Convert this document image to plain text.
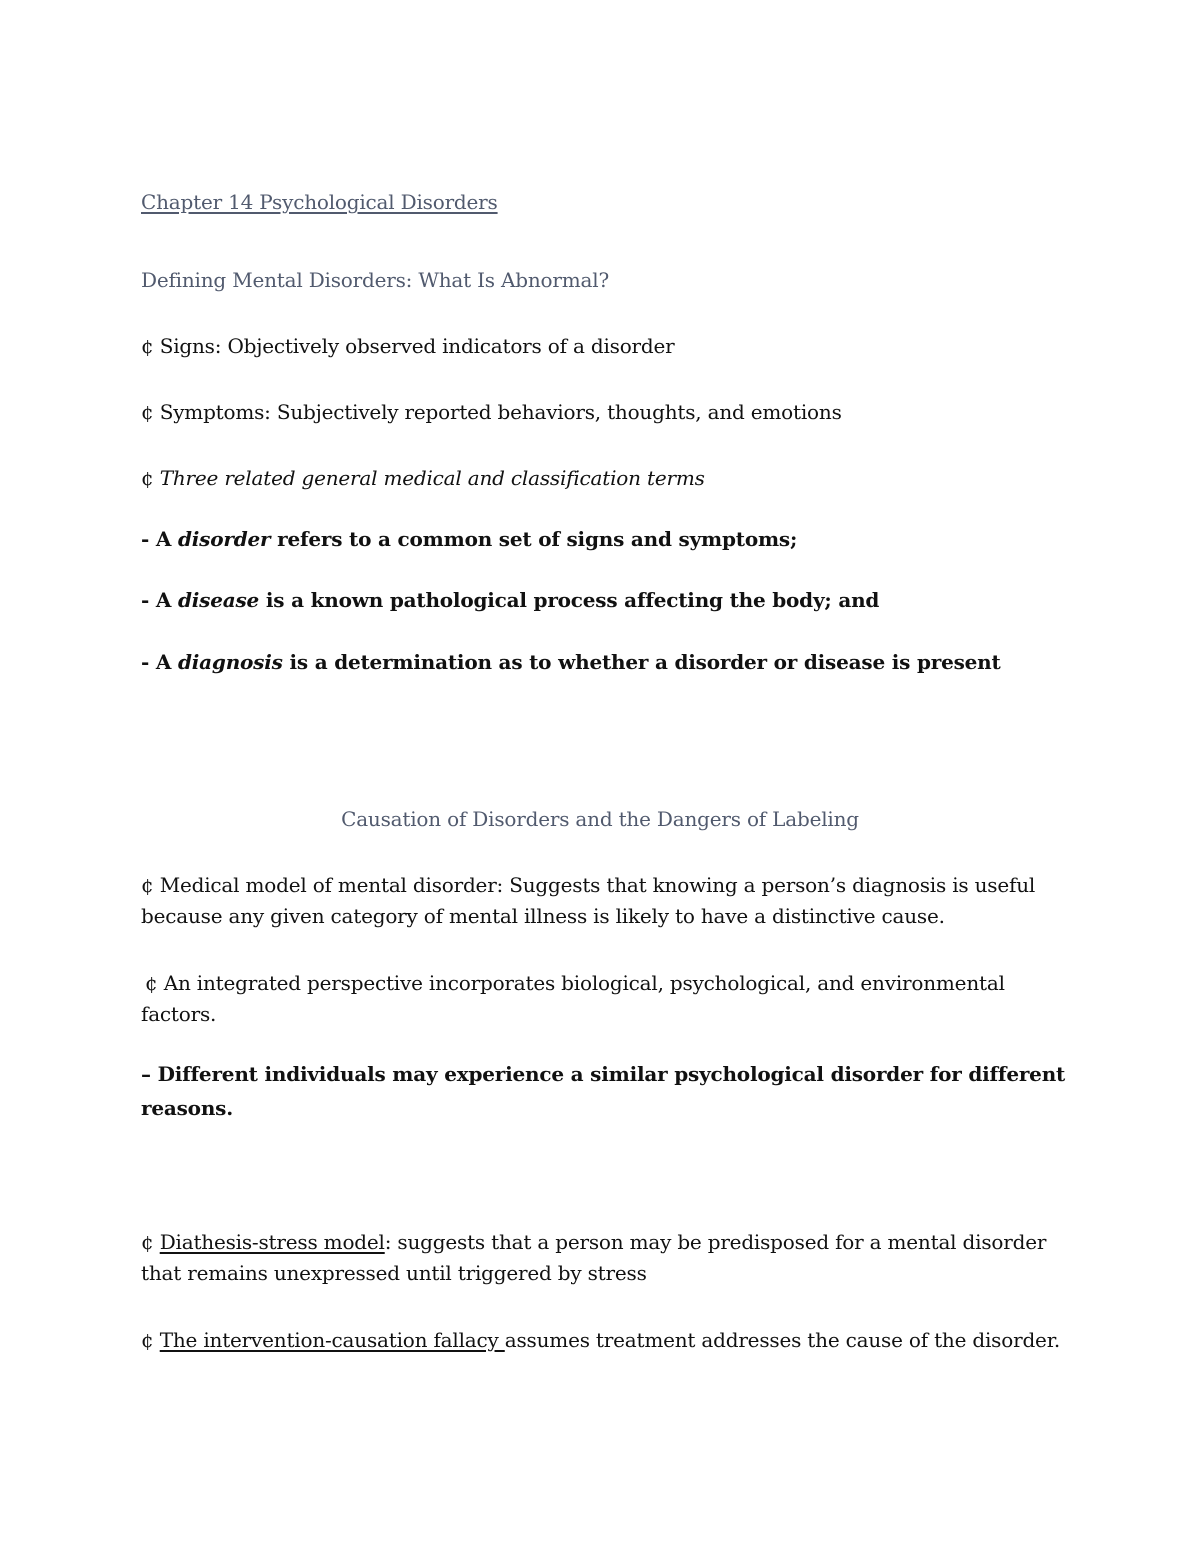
Chapter 14 Psychological Disorders
Defining Mental Disorders: What Is Abnormal?
¢ Signs: Objectively observed indicators of a disorder
¢ Symptoms: Subjectively reported behaviors, thoughts, and emotions
¢ Three related general medical and classification terms
- A disorder refers to a common set of signs and symptoms;
- A disease is a known pathological process affecting the body; and
- A diagnosis is a determination as to whether a disorder or disease is present
Causation of Disorders and the Dangers of Labeling
¢ Medical model of mental disorder: Suggests that knowing a person’s diagnosis is useful
because any given category of mental illness is likely to have a distinctive cause.
¢ An integrated perspective incorporates biological, psychological, and environmental
factors.
– Different individuals may experience a similar psychological disorder for different
reasons.
¢ Diathesis-stress model: suggests that a person may be predisposed for a mental disorder
that remains unexpressed until triggered by stress
¢ The intervention-causation fallacy assumes treatment addresses the cause of the disorder.
